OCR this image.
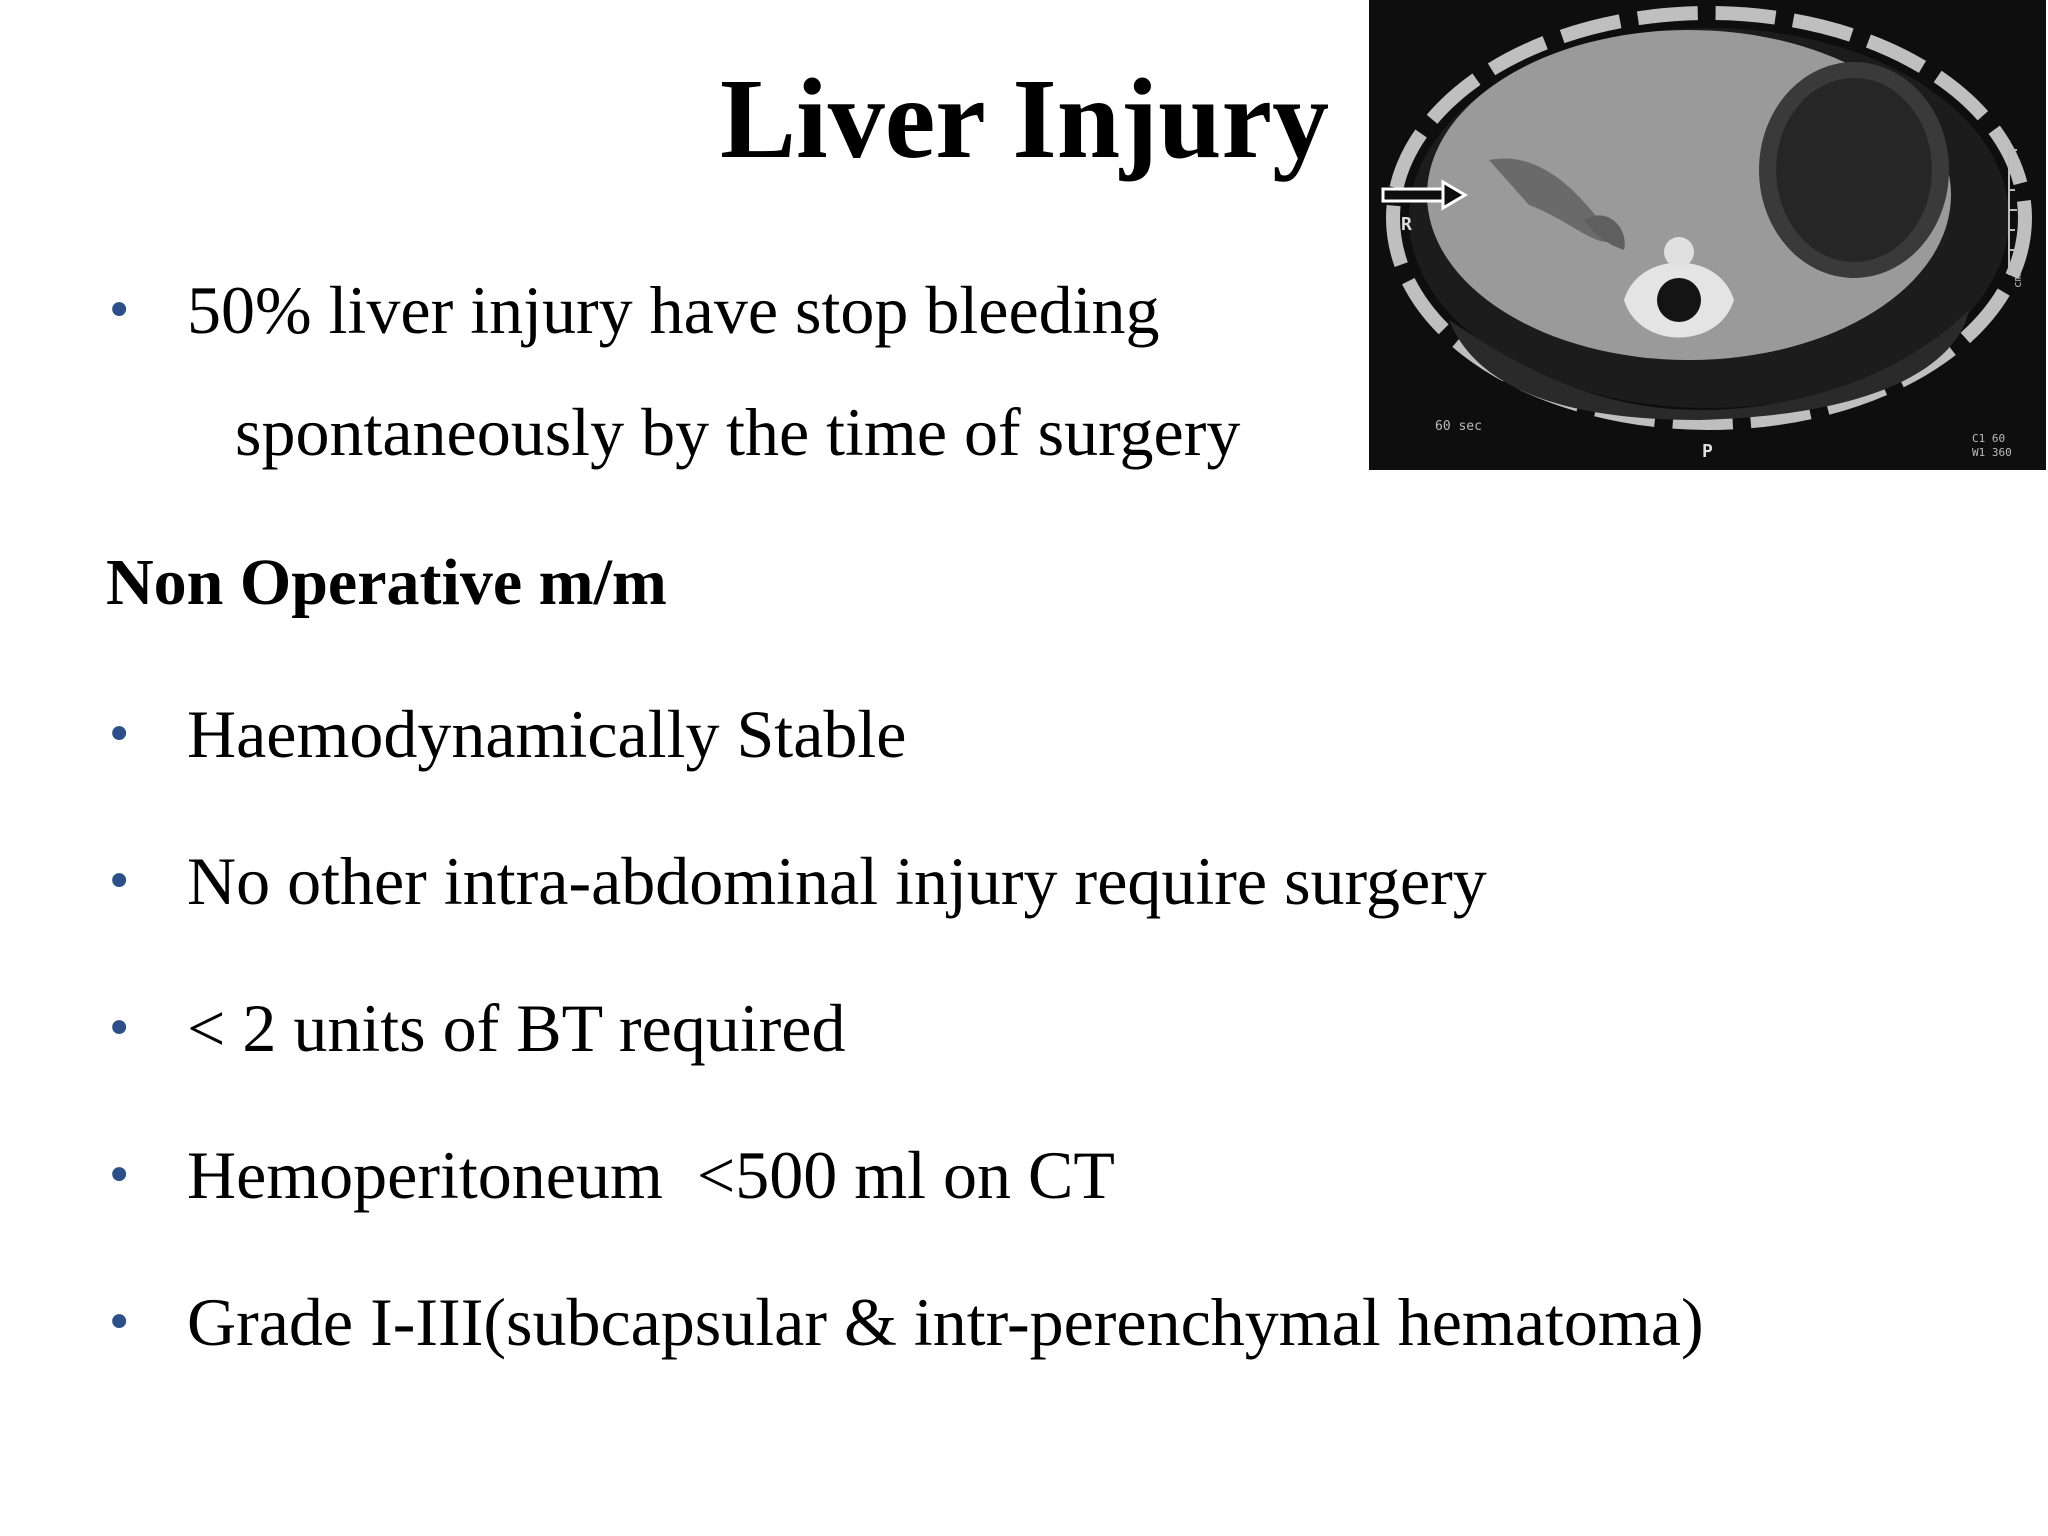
Liver Injury
R
P
60 sec
cm
C1 60
W1 360
• 50% liver injury have stop bleeding
spontaneously by the time of surgery
Non Operative m/m
• Haemodynamically Stable
• No other intra-abdominal injury require surgery
• < 2 units of BT required
• Hemoperitoneum  <500 ml on CT
• Grade I-III(subcapsular & intr-perenchymal hematoma)
